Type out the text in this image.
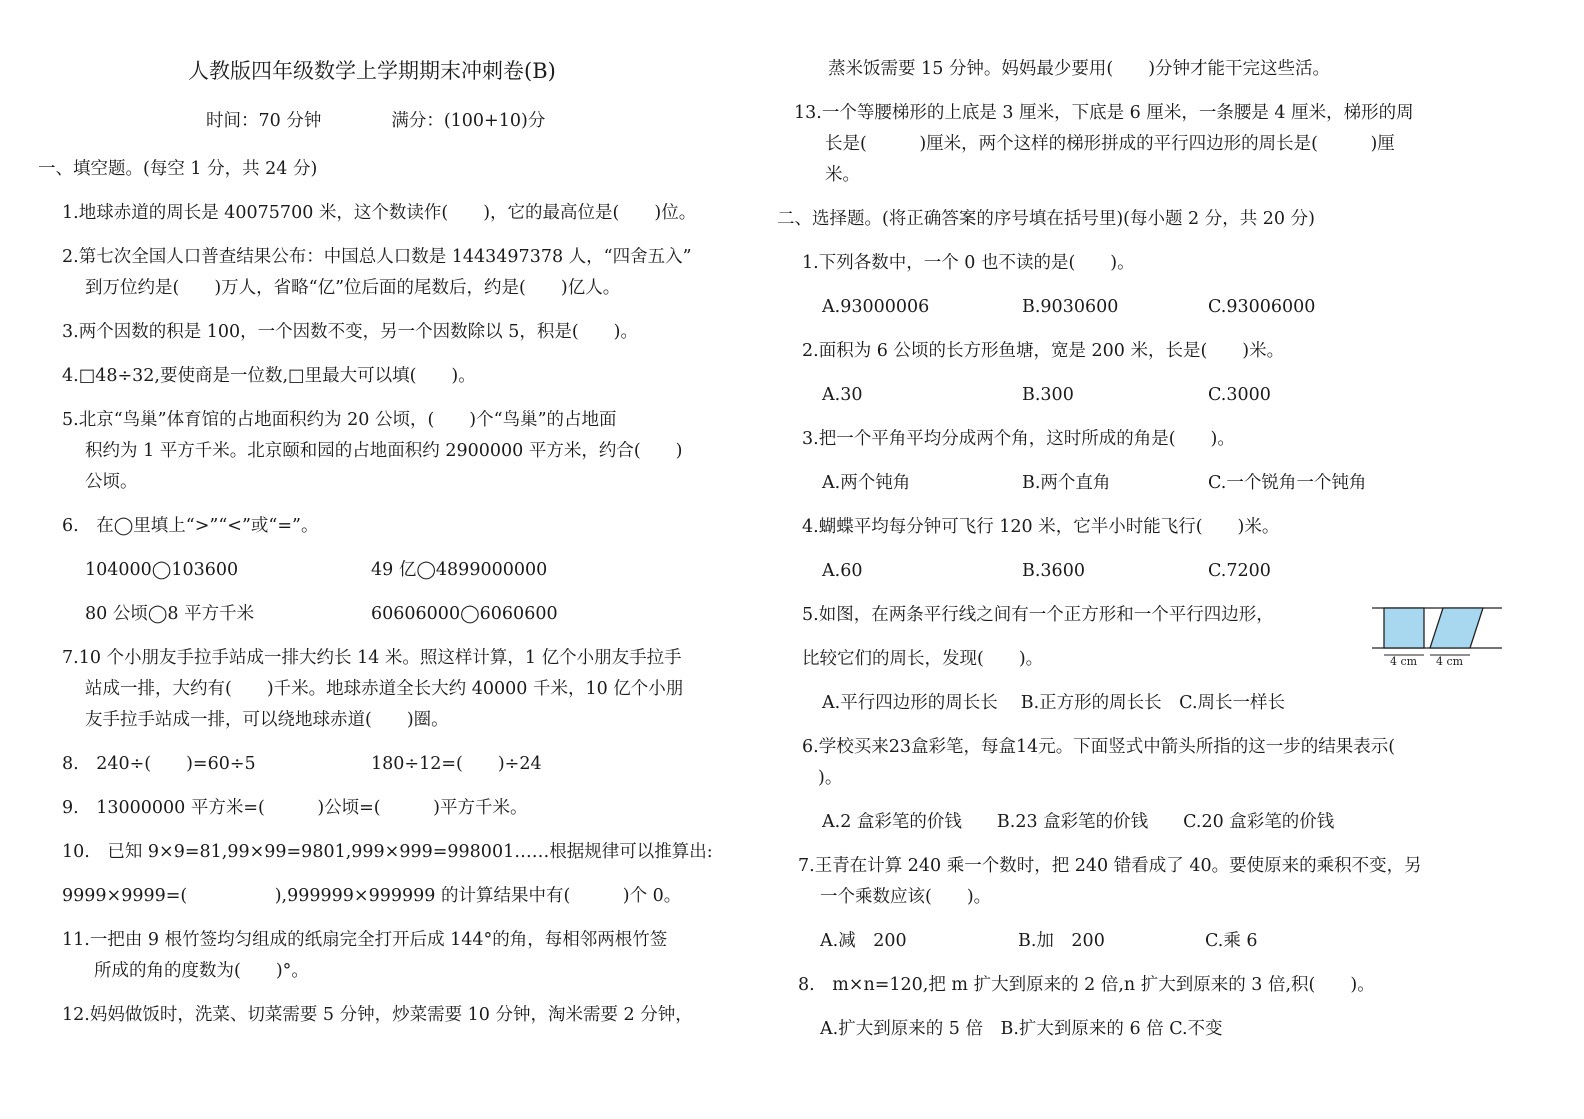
人教版四年级数学上学期期末冲刺卷(B)
时间：70 分钟　　　　满分：(100+10)分
一、填空题。(每空 1 分，共 24 分)
1.地球赤道的周长是 40075700 米，这个数读作(　　)，它的最高位是(　　)位。
2.第七次全国人口普查结果公布：中国总人口数是 1443497378 人，“四舍五入”
到万位约是(　　)万人，省略“亿”位后面的尾数后，约是(　　)亿人。
3.两个因数的积是 100，一个因数不变，另一个因数除以 5，积是(　　)。
4.□48÷32,要使商是一位数,□里最大可以填(　　)。
5.北京“鸟巢”体育馆的占地面积约为 20 公顷，(　　)个“鸟巢”的占地面
积约为 1 平方千米。北京颐和园的占地面积约 2900000 平方米，约合(　　)
公顷。
6.　在◯里填上“>”“<”或“=”。
104000◯103600	49 亿◯4899000000
80 公顷◯8 平方千米	60606000◯6060600
7.10 个小朋友手拉手站成一排大约长 14 米。照这样计算，1 亿个小朋友手拉手
站成一排，大约有(　　)千米。地球赤道全长大约 40000 千米，10 亿个小朋
友手拉手站成一排，可以绕地球赤道(　　)圈。
8.　240÷(　　)=60÷5	180÷12=(　　)÷24
9.　13000000 平方米=(　　　)公顷=(　　　)平方千米。
10.　已知 9×9=81,99×99=9801,999×999=998001……根据规律可以推算出:
9999×9999=(　　　　　),999999×999999 的计算结果中有(　　　)个 0。
11.一把由 9 根竹签均匀组成的纸扇完全打开后成 144°的角，每相邻两根竹签
所成的角的度数为(　　)°。
12.妈妈做饭时，洗菜、切菜需要 5 分钟，炒菜需要 10 分钟，淘米需要 2 分钟，
4 cm 4 cm
蒸米饭需要 15 分钟。妈妈最少要用(　　)分钟才能干完这些活。
13.一个等腰梯形的上底是 3 厘米，下底是 6 厘米，一条腰是 4 厘米，梯形的周
长是(　　　)厘米，两个这样的梯形拼成的平行四边形的周长是(　　　)厘
米。
二、选择题。(将正确答案的序号填在括号里)(每小题 2 分，共 20 分)
1.下列各数中，一个 0 也不读的是(　　)。
A.93000006	B.9030600	C.93006000
2.面积为 6 公顷的长方形鱼塘，宽是 200 米，长是(　　)米。
A.30	B.300	C.3000
3.把一个平角平均分成两个角，这时所成的角是(　　)。
A.两个钝角	B.两个直角	C.一个锐角一个钝角
4.蝴蝶平均每分钟可飞行 120 米，它半小时能飞行(　　)米。
A.60	B.3600	C.7200
5.如图，在两条平行线之间有一个正方形和一个平行四边形，
比较它们的周长，发现(　　)。
A.平行四边形的周长长　 B.正方形的周长长　C.周长一样长
6.学校买来23盒彩笔，每盒14元。下面竖式中箭头所指的这一步的结果表示(
)。
A.2 盒彩笔的价钱　　B.23 盒彩笔的价钱　　C.20 盒彩笔的价钱
7.王青在计算 240 乘一个数时，把 240 错看成了 40。要使原来的乘积不变，另
一个乘数应该(　　)。
A.减　200	B.加　200	C.乘 6
8.　m×n=120,把 m 扩大到原来的 2 倍,n 扩大到原来的 3 倍,积(　　)。
A.扩大到原来的 5 倍　B.扩大到原来的 6 倍 C.不变
